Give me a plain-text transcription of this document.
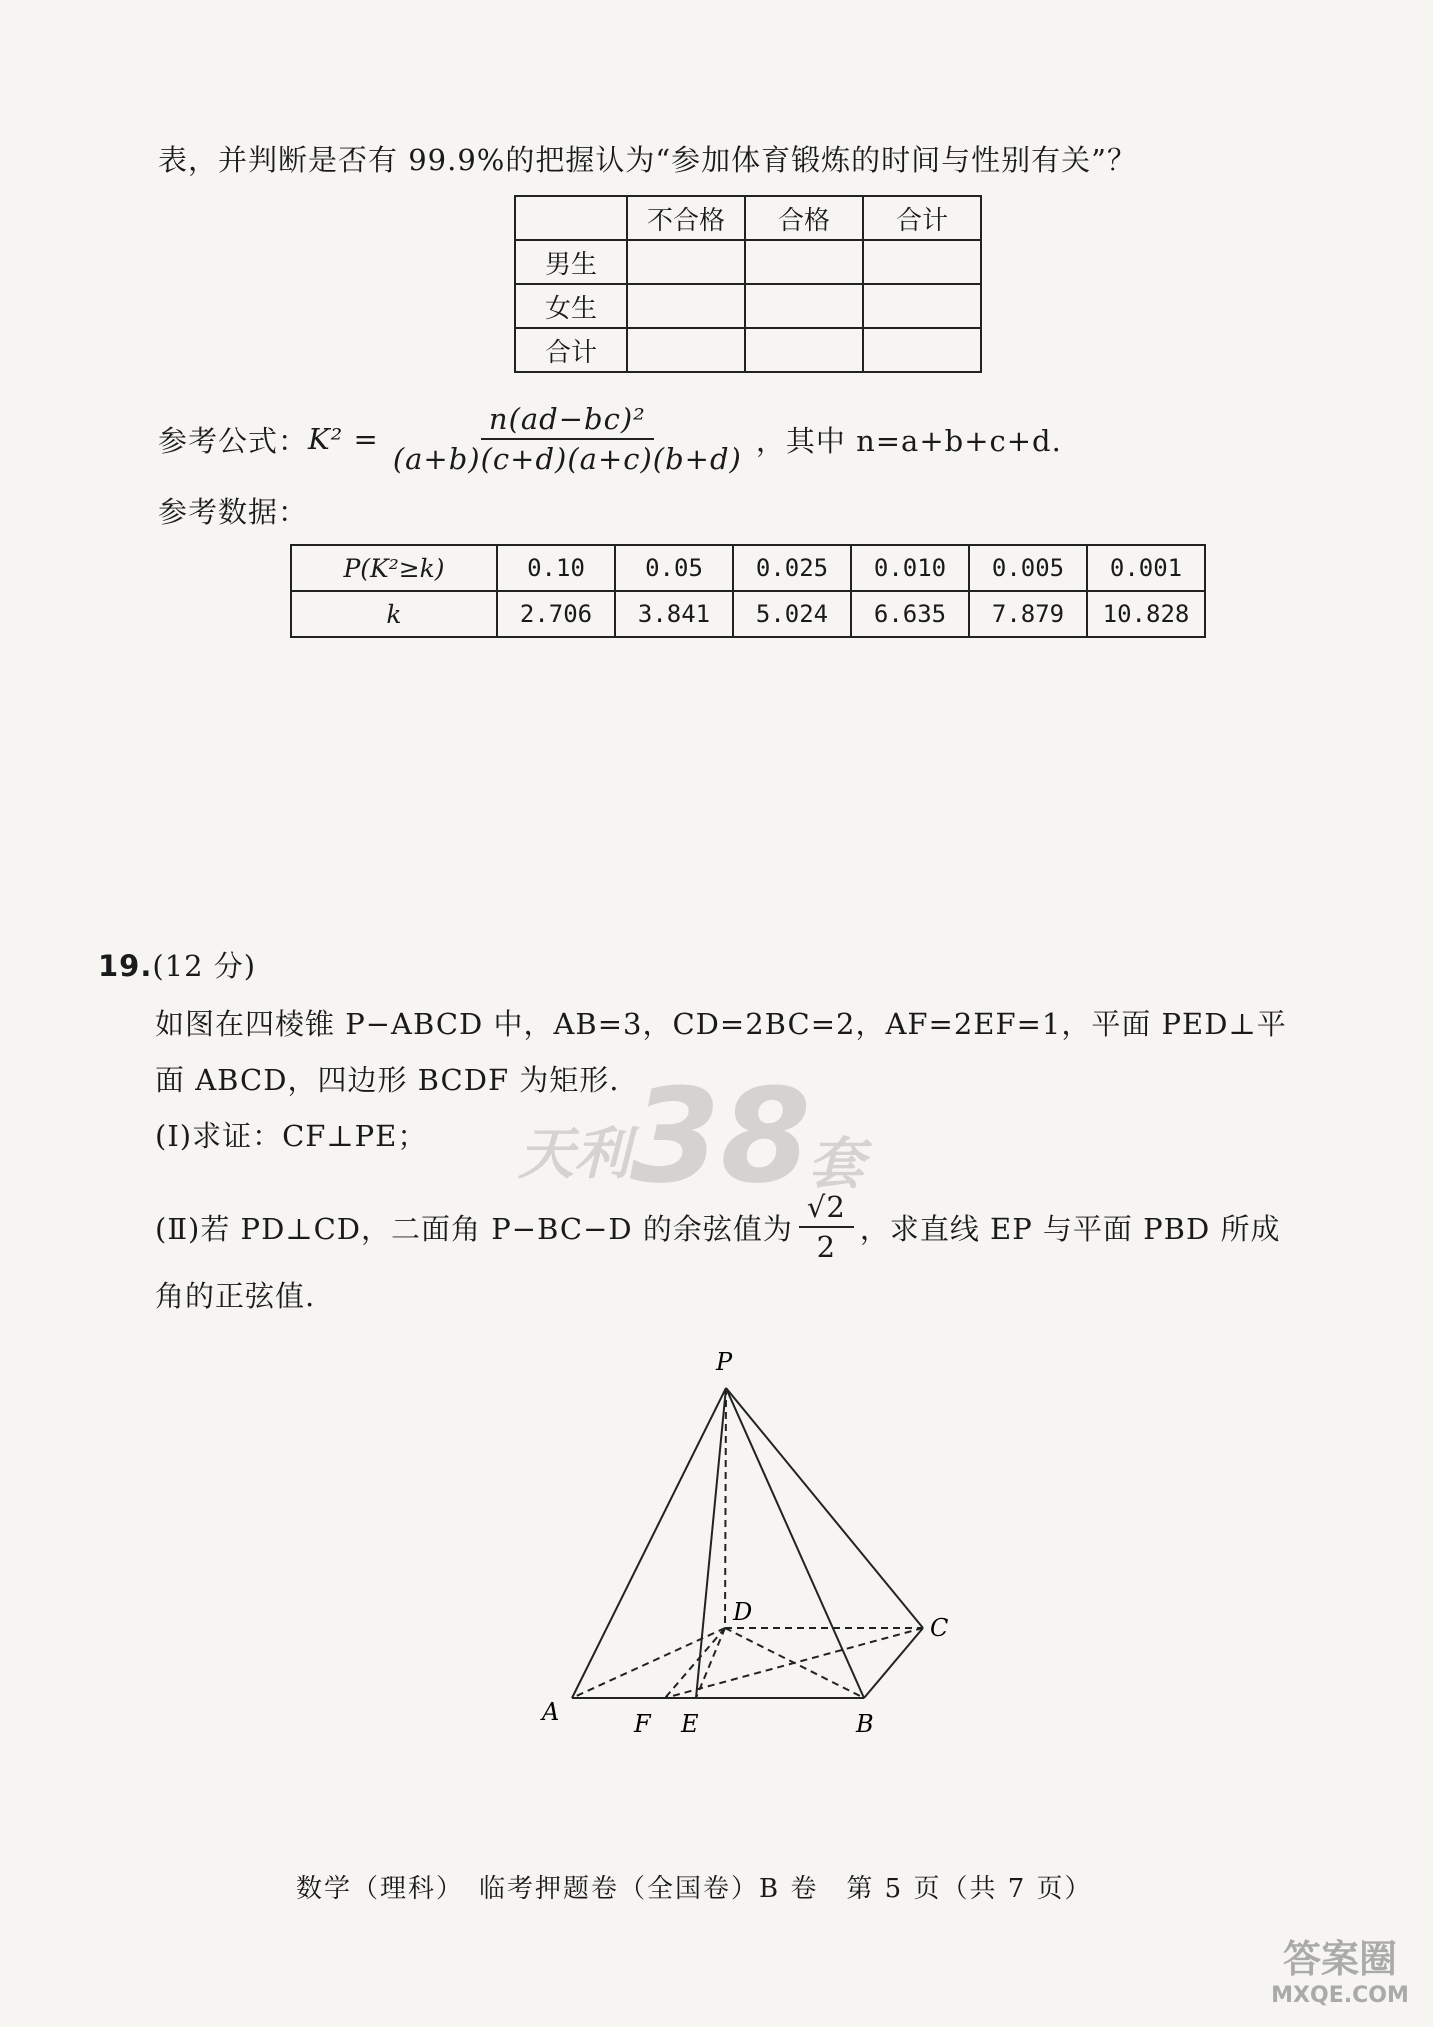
表，并判断是否有 99.9%的把握认为“参加体育锻炼的时间与性别有关”？
	不合格	合格	合计
男生			
女生			
合计			
参考公式： $K^2 = \frac{\text{n(ad−bc)²}}{(a+b)(c+d)(a+c)(b+d)}$ ，其中 n=a+b+c+d.
参考数据：
P(K²≥k)	0.10	0.05	0.025	0.010	0.005	0.001
k	2.706	3.841	5.024	6.635	7.879	10.828
19.(12 分)
如图在四棱锥 P−ABCD 中，AB=3，CD=2BC=2，AF=2EF=1，平面 PED⊥平
面 ABCD，四边形 BCDF 为矩形.
(Ⅰ)求证：CF⊥PE；
(Ⅱ)若 PD⊥CD，二面角 P−BC−D 的余弦值为 $\frac{√2}{2}$ ，求直线 EP 与平面 PBD 所成
角的正弦值.
天利 38
套
P
D
C
A	F E	B
数学（理科）　临考押题卷（全国卷）B 卷　第 5 页（共 7 页）
答案圈
MXQE.COM
